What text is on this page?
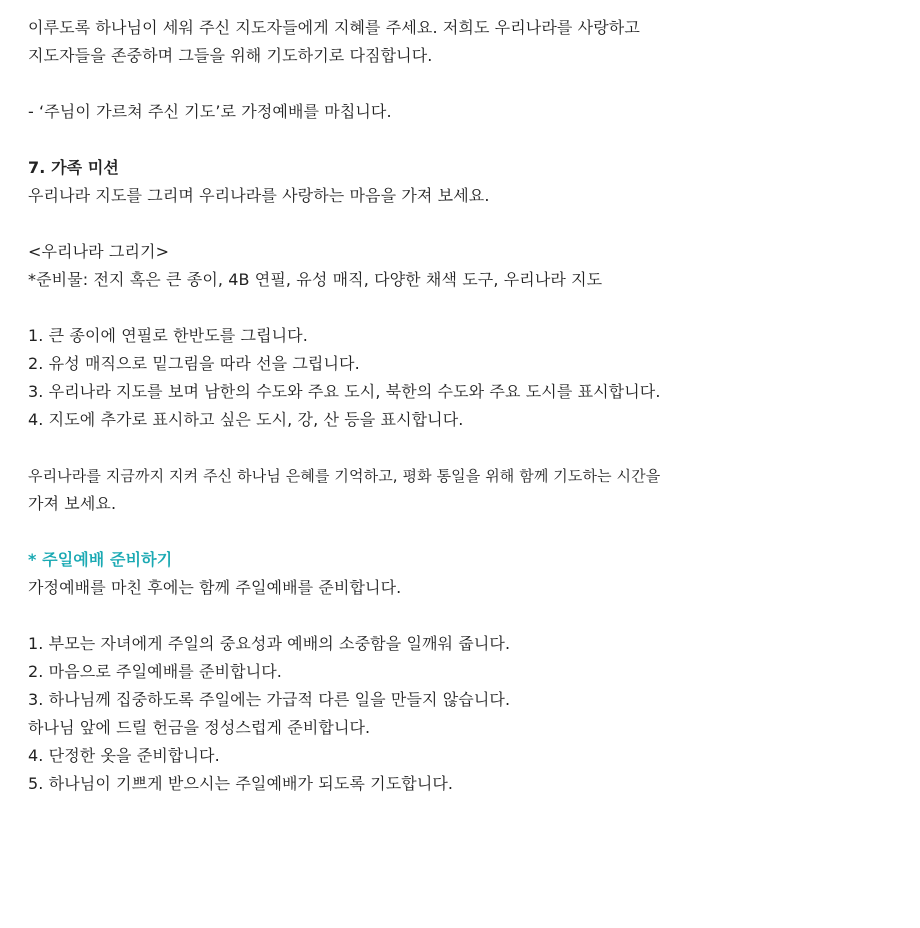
이루도록 하나님이 세워 주신 지도자들에게 지혜를 주세요. 저희도 우리나라를 사랑하고
지도자들을 존중하며 그들을 위해 기도하기로 다짐합니다.
- ‘주님이 가르쳐 주신 기도’로 가정예배를 마칩니다.
7. 가족 미션
우리나라 지도를 그리며 우리나라를 사랑하는 마음을 가져 보세요.
<우리나라 그리기>
*준비물: 전지 혹은 큰 종이, 4B 연필, 유성 매직, 다양한 채색 도구, 우리나라 지도
1. 큰 종이에 연필로 한반도를 그립니다.
2. 유성 매직으로 밑그림을 따라 선을 그립니다.
3. 우리나라 지도를 보며 남한의 수도와 주요 도시, 북한의 수도와 주요 도시를 표시합니다.
4. 지도에 추가로 표시하고 싶은 도시, 강, 산 등을 표시합니다.
우리나라를 지금까지 지켜 주신 하나님 은혜를 기억하고, 평화 통일을 위해 함께 기도하는 시간을
가져 보세요.
* 주일예배 준비하기
가정예배를 마친 후에는 함께 주일예배를 준비합니다.
1. 부모는 자녀에게 주일의 중요성과 예배의 소중함을 일깨워 줍니다.
2. 마음으로 주일예배를 준비합니다.
3. 하나님께 집중하도록 주일에는 가급적 다른 일을 만들지 않습니다.
하나님 앞에 드릴 헌금을 정성스럽게 준비합니다.
4. 단정한 옷을 준비합니다.
5. 하나님이 기쁘게 받으시는 주일예배가 되도록 기도합니다.
